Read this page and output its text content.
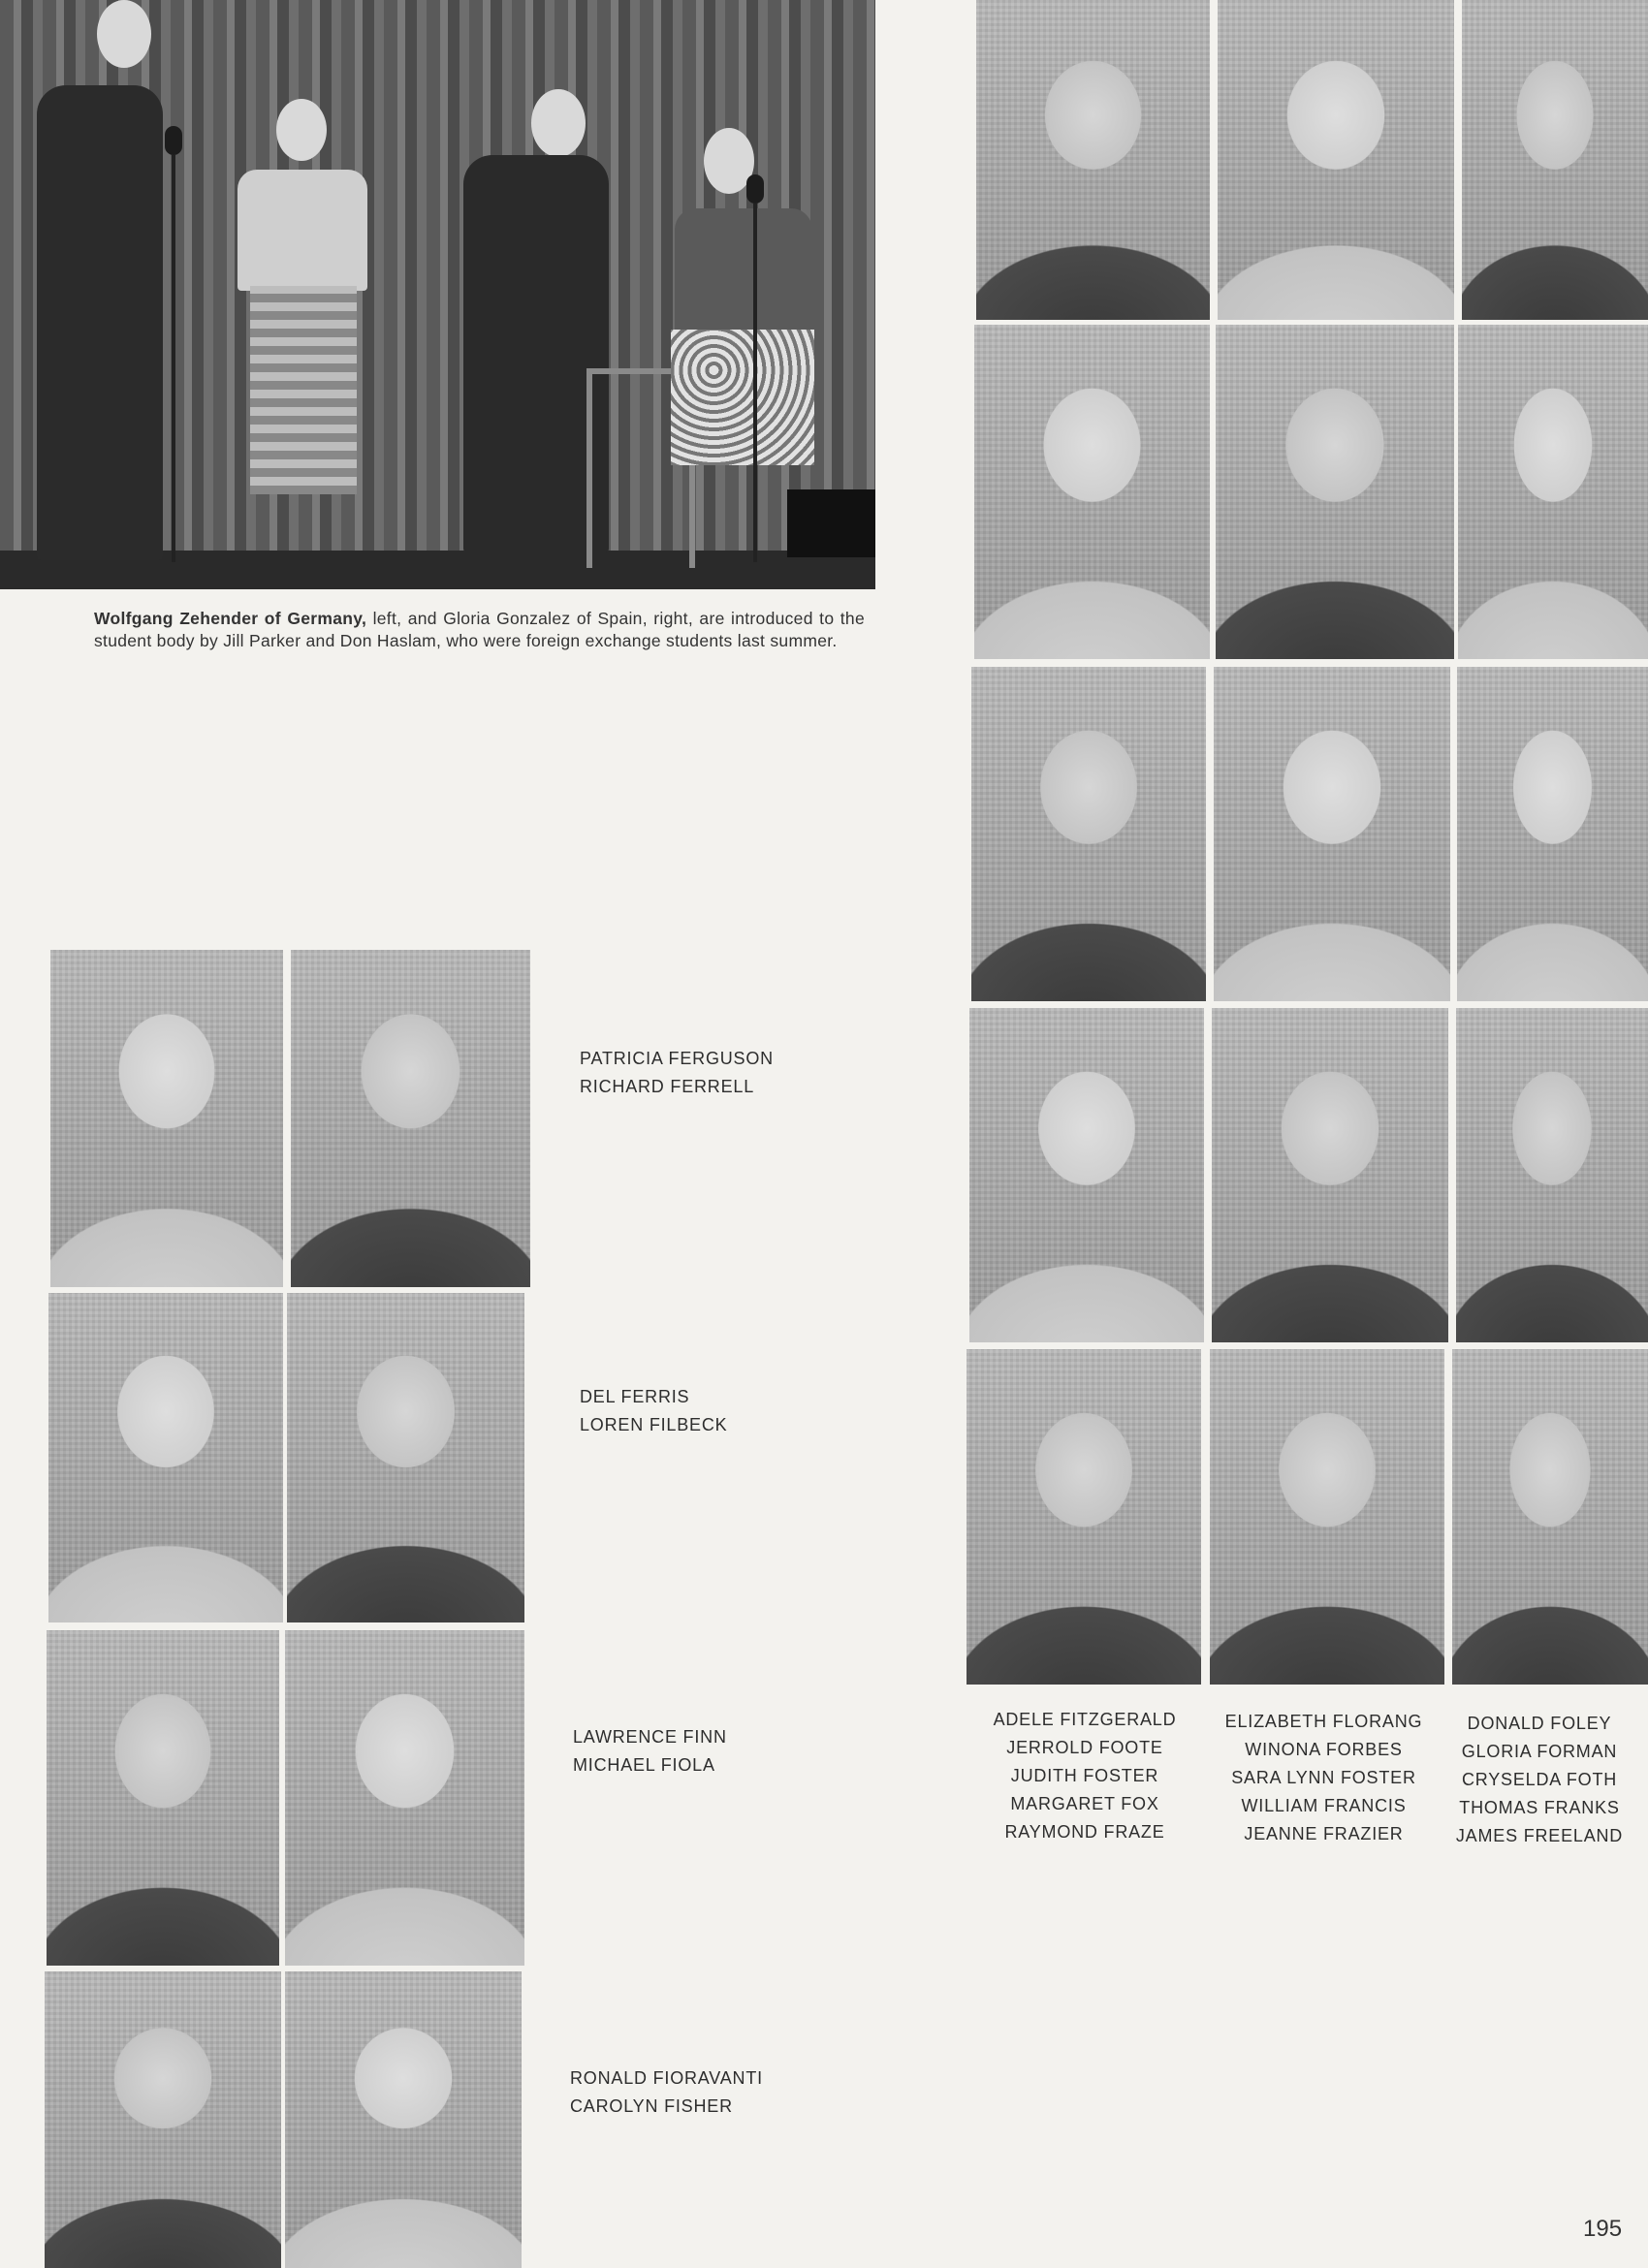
Wolfgang Zehender of Germany, left, and Gloria Gonzalez of Spain, right, are introduced to the student body by Jill Parker and Don Haslam, who were foreign exchange students last summer.
PATRICIA FERGUSON
RICHARD FERRELL
DEL FERRIS
LOREN FILBECK
LAWRENCE FINN
MICHAEL FIOLA
RONALD FIORAVANTI
CAROLYN FISHER
ADELE FITZGERALD
JERROLD FOOTE
JUDITH FOSTER
MARGARET FOX
RAYMOND FRAZE
ELIZABETH FLORANG
WINONA FORBES
SARA LYNN FOSTER
WILLIAM FRANCIS
JEANNE FRAZIER
DONALD FOLEY
GLORIA FORMAN
CRYSELDA FOTH
THOMAS FRANKS
JAMES FREELAND
195
